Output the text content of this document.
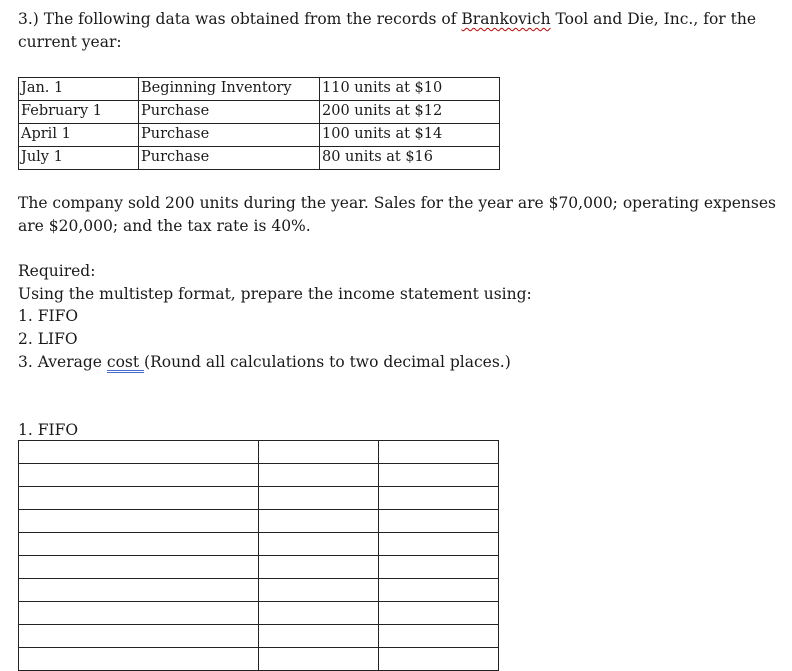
3.) The following data was obtained from the records of Brankovich Tool and Die, Inc., for the current year:

Jan. 1	Beginning Inventory	110 units at $10
February 1	Purchase	200 units at $12
April 1	Purchase	100 units at $14
July 1	Purchase	80 units at $16

The company sold 200 units during the year. Sales for the year are $70,000; operating expenses are $20,000; and the tax rate is 40%.

Required:

Using the multistep format, prepare the income statement using:

1. FIFO

2. LIFO

3. Average cost (Round all calculations to two decimal places.)

1. FIFO
